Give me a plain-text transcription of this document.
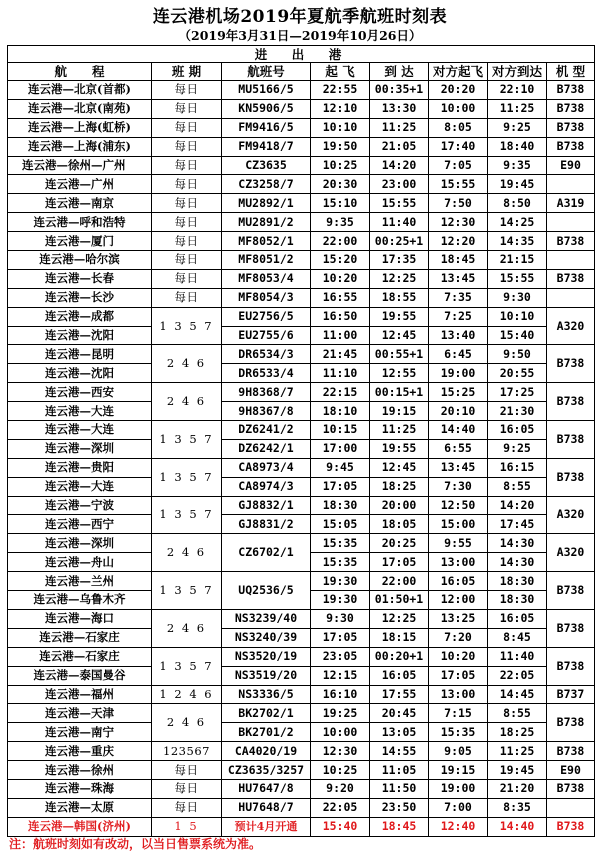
连云港机场2019年夏航季航班时刻表
（2019年3月31日—2019年10月26日）
进　出　港							
航　　程	班 期	航班号	起 飞	到 达	对方起飞	对方到达	机 型
连云港—北京(首都)	每日	MU5166/5	22:55	00:35+1	20:20	22:10	B738
连云港—北京(南苑)	每日	KN5906/5	12:10	13:30	10:00	11:25	B738
连云港—上海(虹桥)	每日	FM9416/5	10:10	11:25	8:05	9:25	B738
连云港—上海(浦东)	每日	FM9418/7	19:50	21:05	17:40	18:40	B738
连云港—徐州—广州	每日	CZ3635	10:25	14:20	7:05	9:35	E90
连云港—广州	每日	CZ3258/7	20:30	23:00	15:55	19:45	
连云港—南京	每日	MU2892/1	15:10	15:55	7:50	8:50	A319
连云港—呼和浩特	每日	MU2891/2	9:35	11:40	12:30	14:25	
连云港—厦门	每日	MF8052/1	22:00	00:25+1	12:20	14:35	B738
连云港—哈尔滨	每日	MF8051/2	15:20	17:35	18:45	21:15	
连云港—长春	每日	MF8053/4	10:20	12:25	13:45	15:55	B738
连云港—长沙	每日	MF8054/3	16:55	18:55	7:35	9:30	
连云港—成都	1 3 5 7	EU2756/5	16:50	19:55	7:25	10:10	A320
连云港—沈阳		EU2755/6	11:00	12:45	13:40	15:40	
连云港—昆明	2 4 6	DR6534/3	21:45	00:55+1	6:45	9:50	B738
连云港—沈阳		DR6533/4	11:10	12:55	19:00	20:55	
连云港—西安	2 4 6	9H8368/7	22:15	00:15+1	15:25	17:25	B738
连云港—大连		9H8367/8	18:10	19:15	20:10	21:30	
连云港—大连	1 3 5 7	DZ6241/2	10:15	11:25	14:40	16:05	B738
连云港—深圳		DZ6242/1	17:00	19:55	6:55	9:25	
连云港—贵阳	1 3 5 7	CA8973/4	9:45	12:45	13:45	16:15	B738
连云港—大连		CA8974/3	17:05	18:25	7:30	8:55	
连云港—宁波	1 3 5 7	GJ8832/1	18:30	20:00	12:50	14:20	A320
连云港—西宁		GJ8831/2	15:05	18:05	15:00	17:45	
连云港—深圳	2 4 6	CZ6702/1	15:35	20:25	9:55	14:30	A320
连云港—舟山			15:35	17:05	13:00	14:30	
连云港—兰州	1 3 5 7	UQ2536/5	19:30	22:00	16:05	18:30	B738
连云港—乌鲁木齐			19:30	01:50+1	12:00	18:30	
连云港—海口	2 4 6	NS3239/40	9:30	12:25	13:25	16:05	B738
连云港—石家庄		NS3240/39	17:05	18:15	7:20	8:45	
连云港—石家庄	1 3 5 7	NS3520/19	23:05	00:20+1	10:20	11:40	B738
连云港—泰国曼谷		NS3519/20	12:15	16:05	17:05	22:05	
连云港—福州	1 2 4 6	NS3336/5	16:10	17:55	13:00	14:45	B737
连云港—天津	2 4 6	BK2702/1	19:25	20:45	7:15	8:55	B738
连云港—南宁		BK2701/2	10:00	13:05	15:35	18:25	
连云港—重庆	123567	CA4020/19	12:30	14:55	9:05	11:25	B738
连云港—徐州	每日	CZ3635/3257	10:25	11:05	19:15	19:45	E90
连云港—珠海	每日	HU7647/8	9:20	11:50	19:00	21:20	B738
连云港—太原	每日	HU7648/7	22:05	23:50	7:00	8:35	
连云港—韩国(济州)	1 5	预计4月开通	15:40	18:45	12:40	14:40	B738
注：航班时刻如有改动，以当日售票系统为准。
